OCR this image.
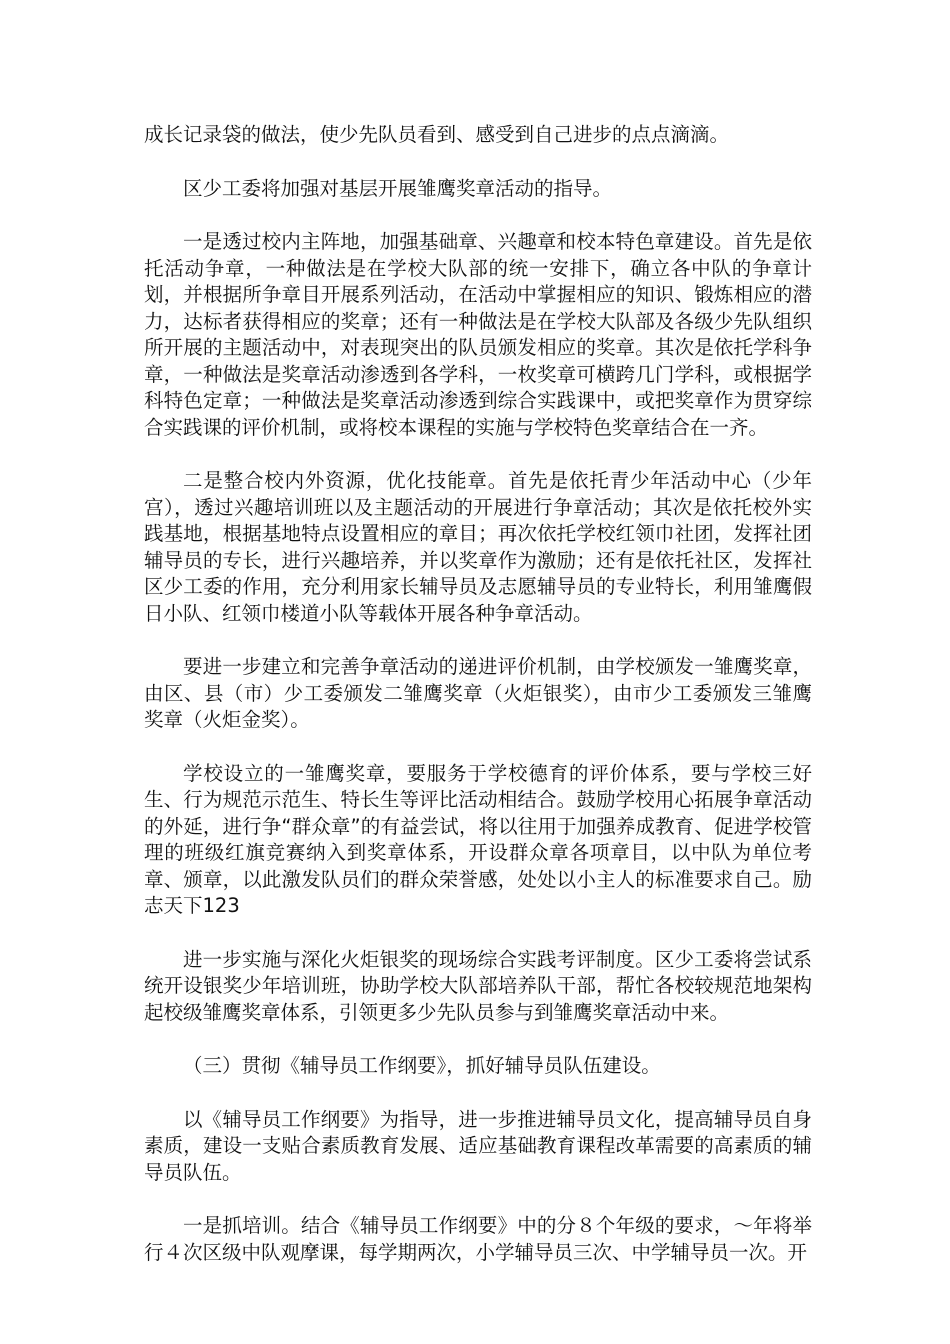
成长记录袋的做法，使少先队员看到、感受到自己进步的点点滴滴。

区少工委将加强对基层开展雏鹰奖章活动的指导。

一是透过校内主阵地，加强基础章、兴趣章和校本特色章建设。首先是依托活动争章，一种做法是在学校大队部的统一安排下，确立各中队的争章计划，并根据所争章目开展系列活动，在活动中掌握相应的知识、锻炼相应的潜力，达标者获得相应的奖章；还有一种做法是在学校大队部及各级少先队组织所开展的主题活动中，对表现突出的队员颁发相应的奖章。其次是依托学科争章，一种做法是奖章活动渗透到各学科，一枚奖章可横跨几门学科，或根据学科特色定章；一种做法是奖章活动渗透到综合实践课中，或把奖章作为贯穿综合实践课的评价机制，或将校本课程的实施与学校特色奖章结合在一齐。

二是整合校内外资源，优化技能章。首先是依托青少年活动中心（少年宫），透过兴趣培训班以及主题活动的开展进行争章活动；其次是依托校外实践基地，根据基地特点设置相应的章目；再次依托学校红领巾社团，发挥社团辅导员的专长，进行兴趣培养，并以奖章作为激励；还有是依托社区，发挥社区少工委的作用，充分利用家长辅导员及志愿辅导员的专业特长，利用雏鹰假日小队、红领巾楼道小队等载体开展各种争章活动。

要进一步建立和完善争章活动的递进评价机制，由学校颁发一雏鹰奖章，由区、县（市）少工委颁发二雏鹰奖章（火炬银奖），由市少工委颁发三雏鹰奖章（火炬金奖）。

学校设立的一雏鹰奖章，要服务于学校德育的评价体系，要与学校三好生、行为规范示范生、特长生等评比活动相结合。鼓励学校用心拓展争章活动的外延，进行争“群众章”的有益尝试，将以往用于加强养成教育、促进学校管理的班级红旗竞赛纳入到奖章体系，开设群众章各项章目，以中队为单位考章、颁章，以此激发队员们的群众荣誉感，处处以小主人的标准要求自己。励志天下123

进一步实施与深化火炬银奖的现场综合实践考评制度。区少工委将尝试系统开设银奖少年培训班，协助学校大队部培养队干部，帮忙各校较规范地架构起校级雏鹰奖章体系，引领更多少先队员参与到雏鹰奖章活动中来。

（三）贯彻《辅导员工作纲要》，抓好辅导员队伍建设。

以《辅导员工作纲要》为指导，进一步推进辅导员文化，提高辅导员自身素质，建设一支贴合素质教育发展、适应基础教育课程改革需要的高素质的辅导员队伍。

一是抓培训。结合《辅导员工作纲要》中的分８个年级的要求，～年将举行４次区级中队观摩课，每学期两次，小学辅导员三次、中学辅导员一次。开
